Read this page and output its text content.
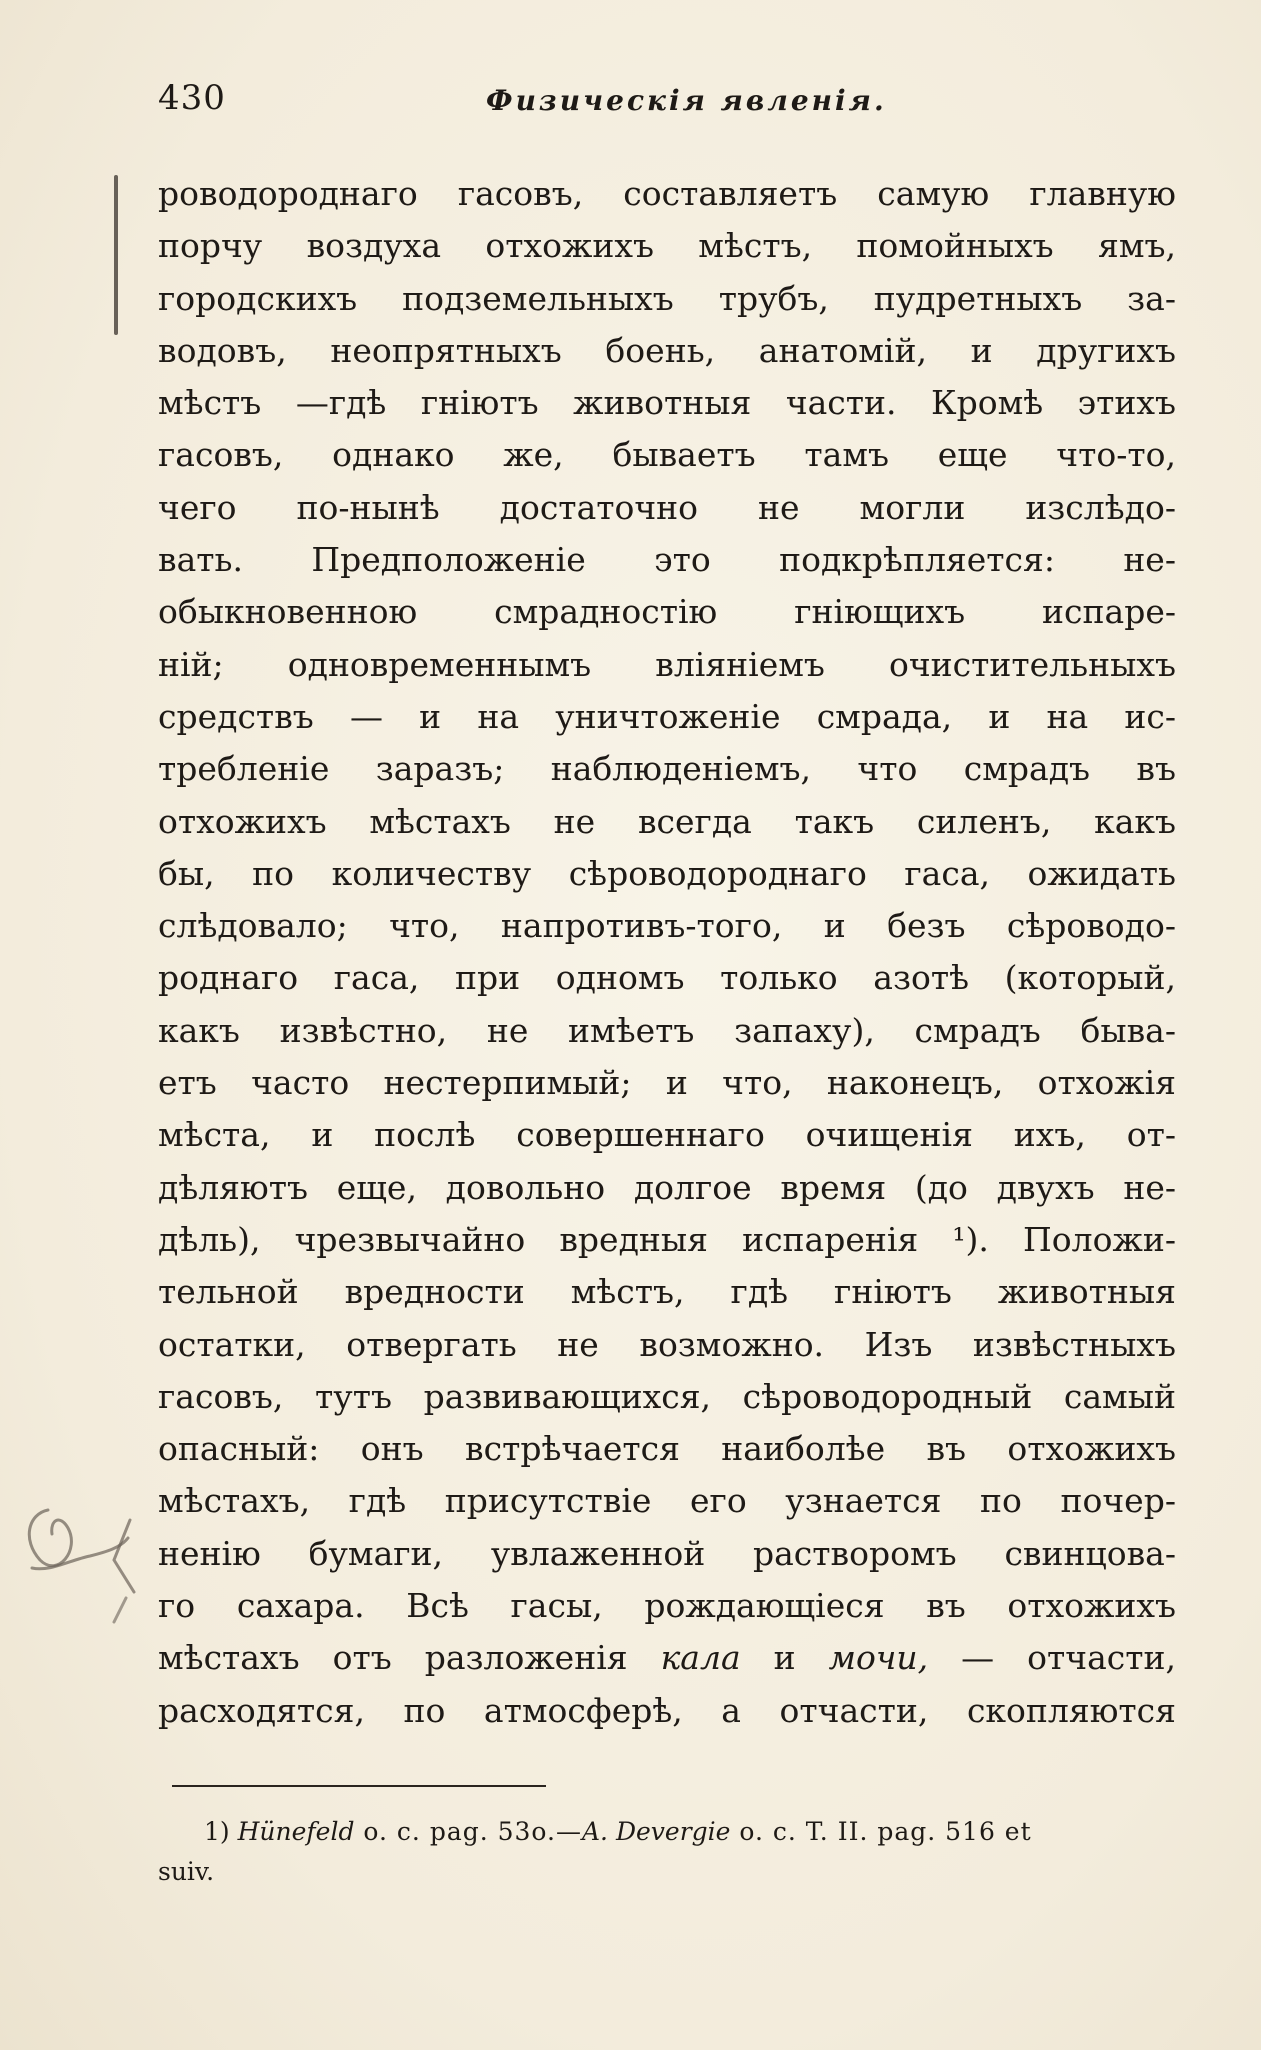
430	Физическія явленія.
роводороднаго гасовъ, составляетъ самую главную
порчу воздуха отхожихъ мѣстъ, помойныхъ ямъ,
городскихъ подземельныхъ трубъ, пудретныхъ за-
водовъ, неопрятныхъ боень, анатомій, и другихъ
мѣстъ —гдѣ гніютъ животныя части. Кромѣ этихъ
гасовъ, однако же, бываетъ тамъ еще что-то,
чего по-нынѣ достаточно не могли изслѣдо-
вать. Предположеніе это подкрѣпляется: не-
обыкновенною смрадностію гніющихъ испаре-
ній; одновременнымъ вліяніемъ очистительныхъ
средствъ — и на уничтоженіе смрада, и на ис-
требленіе заразъ; наблюденіемъ, что смрадъ въ
отхожихъ мѣстахъ не всегда такъ силенъ, какъ
бы, по количеству сѣроводороднаго гаса, ожидать
слѣдовало; что, напротивъ-того, и безъ сѣроводо-
роднаго гаса, при одномъ только азотѣ (который,
какъ извѣстно, не имѣетъ запаху), смрадъ быва-
етъ часто нестерпимый; и что, наконецъ, отхожія
мѣста, и послѣ совершеннаго очищенія ихъ, от-
дѣляютъ еще, довольно долгое время (до двухъ не-
дѣль), чрезвычайно вредныя испаренія ¹). Положи-
тельной вредности мѣстъ, гдѣ гніютъ животныя
остатки, отвергать не возможно. Изъ извѣстныхъ
гасовъ, тутъ развивающихся, сѣроводородный самый
опасный: онъ встрѣчается наиболѣе въ отхожихъ
мѣстахъ, гдѣ присутствіе его узнается по почер-
ненію бумаги, увлаженной растворомъ свинцова-
го сахара. Всѣ гасы, рождающіеся въ отхожихъ
мѣстахъ отъ разложенія кала и мочи, — отчасти,
расходятся, по атмосферѣ, а отчасти, скопляются
1) Hünefeld o. c. pag. 53o.—A. Devergie o. c. T. II. pag. 516 et
suiv.
